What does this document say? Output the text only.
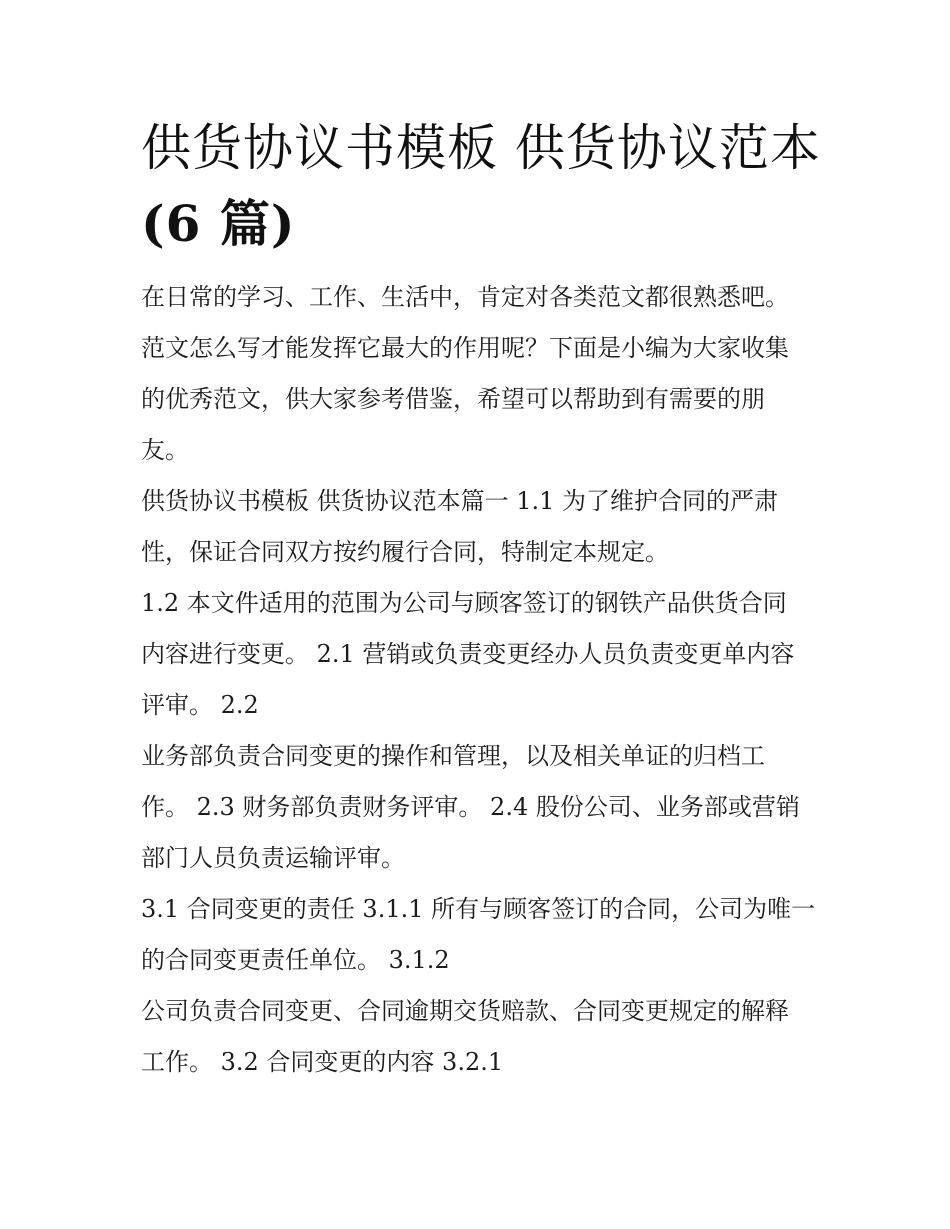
供货协议书模板 供货协议范本
(6 篇)

在日常的学习、工作、生活中，肯定对各类范文都很熟悉吧。
范文怎么写才能发挥它最大的作用呢？下面是小编为大家收集
的优秀范文，供大家参考借鉴，希望可以帮助到有需要的朋
友。

供货协议书模板 供货协议范本篇一 1.1 为了维护合同的严肃
性，保证合同双方按约履行合同，特制定本规定。

1.2 本文件适用的范围为公司与顾客签订的钢铁产品供货合同
内容进行变更。 2.1 营销或负责变更经办人员负责变更单内容
评审。 2.2

业务部负责合同变更的操作和管理，以及相关单证的归档工
作。 2.3 财务部负责财务评审。 2.4 股份公司、业务部或营销
部门人员负责运输评审。

3.1 合同变更的责任 3.1.1 所有与顾客签订的合同，公司为唯一
的合同变更责任单位。 3.1.2

公司负责合同变更、合同逾期交货赔款、合同变更规定的解释
工作。 3.2 合同变更的内容 3.2.1
